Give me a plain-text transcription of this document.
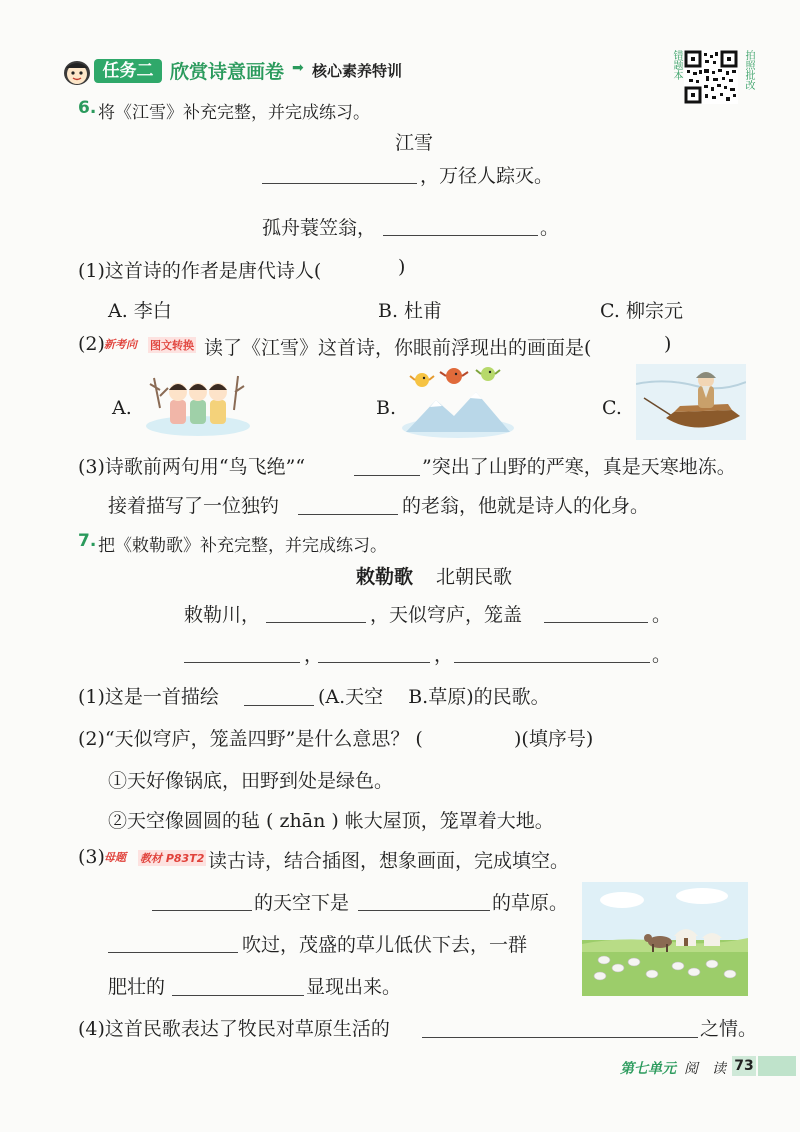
任务二 欣赏诗意画卷 ➡ 核心素养特训	错题本	拍照批改
6. 将《江雪》补充完整，并完成练习。
江雪
，万径人踪灭。
孤舟蓑笠翁，	。
(1)这首诗的作者是唐代诗人(	)
A. 李白	B. 杜甫	C. 柳宗元
(2) 新考向 图文转换 读了《江雪》这首诗，你眼前浮现出的画面是(	)
A.	B.	C.
(3)诗歌前两句用“鸟飞绝”“	”突出了山野的严寒，真是天寒地冻。
接着描写了一位独钓	的老翁，他就是诗人的化身。
7. 把《敕勒歌》补充完整，并完成练习。
敕勒歌 北朝民歌
敕勒川，	，天似穹庐，笼盖	。
，	，	。
(1)这是一首描绘	(A.天空　 B.草原)的民歌。
(2)“天似穹庐，笼盖四野”是什么意思？ (	)(填序号)
①天好像锅底，田野到处是绿色。
②天空像圆圆的毡 ( zhān ) 帐大屋顶，笼罩着大地。
(3) 母题 教材 P83T2 读古诗，结合插图，想象画面，完成填空。
的天空下是	的草原。
吹过，茂盛的草儿低伏下去，一群
肥壮的	显现出来。
(4)这首民歌表达了牧民对草原生活的	之情。
第七单元 阅　读 73
